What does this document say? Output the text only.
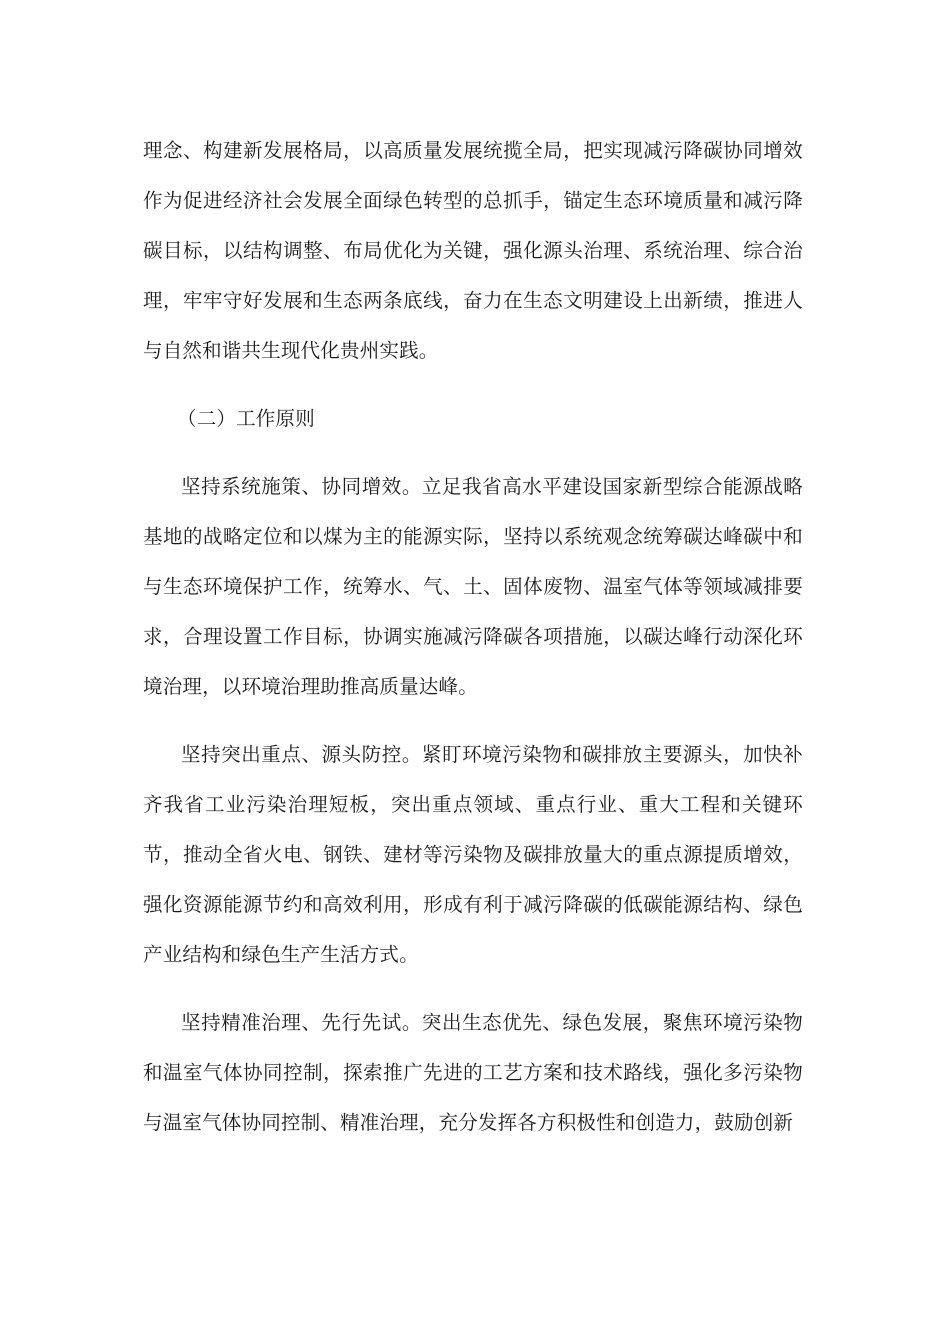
理念、构建新发展格局，以高质量发展统揽全局，把实现减污降碳协同增效作为促进经济社会发展全面绿色转型的总抓手，锚定生态环境质量和减污降碳目标，以结构调整、布局优化为关键，强化源头治理、系统治理、综合治理，牢牢守好发展和生态两条底线，奋力在生态文明建设上出新绩，推进人与自然和谐共生现代化贵州实践。

（二）工作原则

坚持系统施策、协同增效。立足我省高水平建设国家新型综合能源战略基地的战略定位和以煤为主的能源实际，坚持以系统观念统筹碳达峰碳中和与生态环境保护工作，统筹水、气、土、固体废物、温室气体等领域减排要求，合理设置工作目标，协调实施减污降碳各项措施，以碳达峰行动深化环境治理，以环境治理助推高质量达峰。

坚持突出重点、源头防控。紧盯环境污染物和碳排放主要源头，加快补齐我省工业污染治理短板，突出重点领域、重点行业、重大工程和关键环节，推动全省火电、钢铁、建材等污染物及碳排放量大的重点源提质增效，强化资源能源节约和高效利用，形成有利于减污降碳的低碳能源结构、绿色产业结构和绿色生产生活方式。

坚持精准治理、先行先试。突出生态优先、绿色发展，聚焦环境污染物和温室气体协同控制，探索推广先进的工艺方案和技术路线，强化多污染物与温室气体协同控制、精准治理，充分发挥各方积极性和创造力，鼓励创新
